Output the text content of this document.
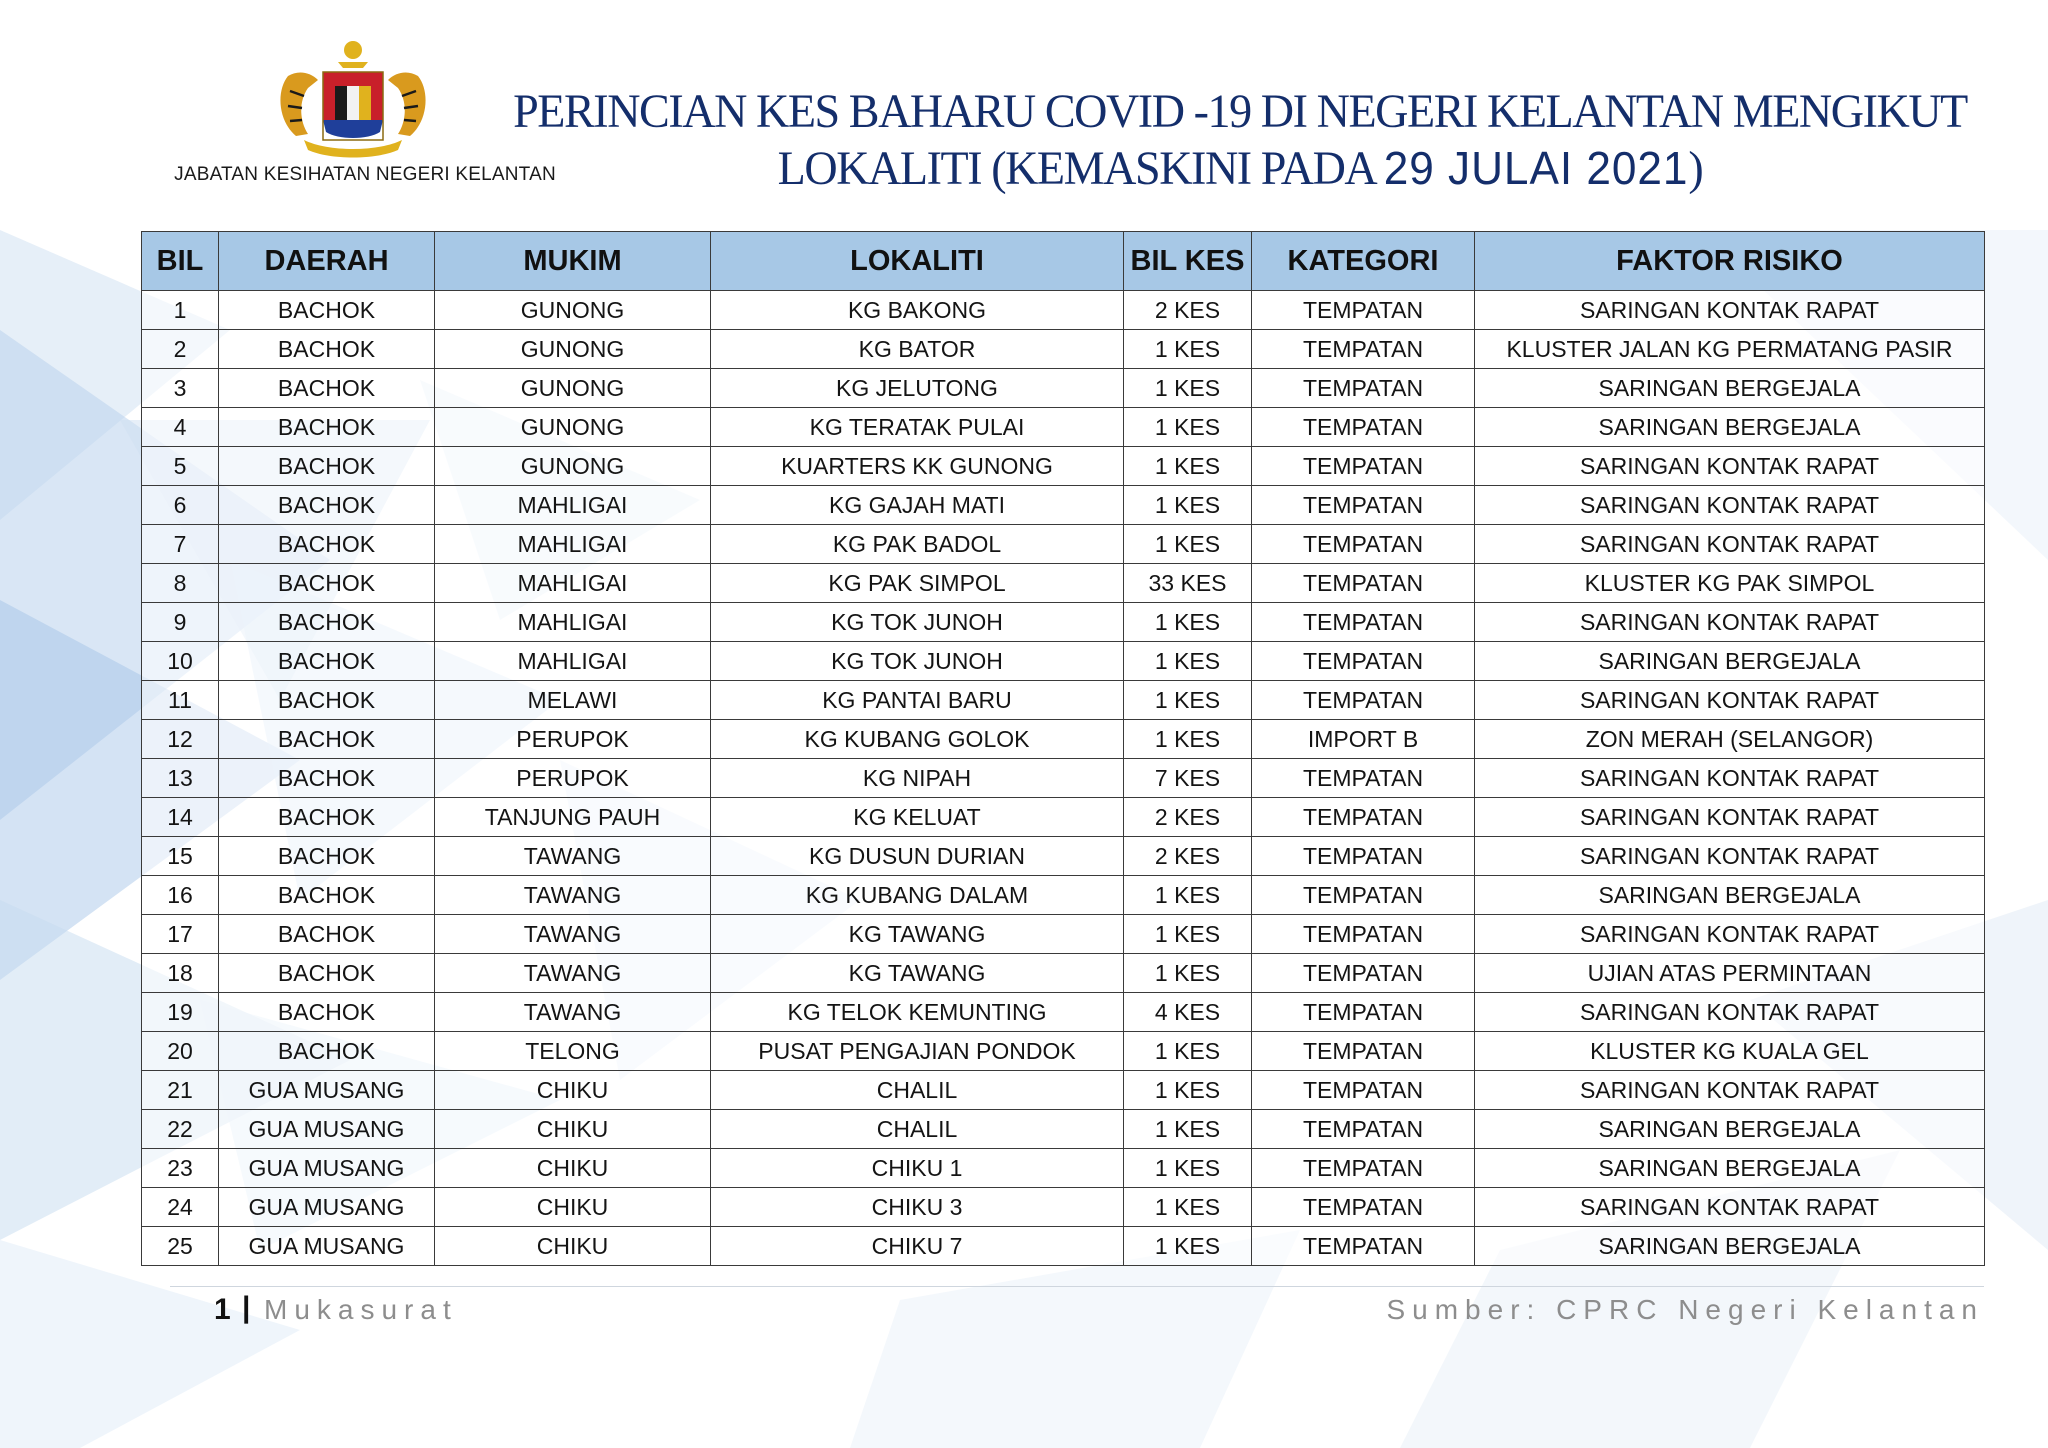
JABATAN KESIHATAN NEGERI KELANTAN
PERINCIAN KES BAHARU COVID -19 DI NEGERI KELANTAN MENGIKUT
LOKALITI (KEMASKINI PADA 29 JULAI 2021)
BIL	DAERAH	MUKIM	LOKALITI	BIL KES	KATEGORI	FAKTOR RISIKO
1	BACHOK	GUNONG	KG BAKONG	2 KES	TEMPATAN	SARINGAN KONTAK RAPAT
2	BACHOK	GUNONG	KG BATOR	1 KES	TEMPATAN	KLUSTER JALAN KG PERMATANG PASIR
3	BACHOK	GUNONG	KG JELUTONG	1 KES	TEMPATAN	SARINGAN BERGEJALA
4	BACHOK	GUNONG	KG TERATAK PULAI	1 KES	TEMPATAN	SARINGAN BERGEJALA
5	BACHOK	GUNONG	KUARTERS KK GUNONG	1 KES	TEMPATAN	SARINGAN KONTAK RAPAT
6	BACHOK	MAHLIGAI	KG GAJAH MATI	1 KES	TEMPATAN	SARINGAN KONTAK RAPAT
7	BACHOK	MAHLIGAI	KG PAK BADOL	1 KES	TEMPATAN	SARINGAN KONTAK RAPAT
8	BACHOK	MAHLIGAI	KG PAK SIMPOL	33 KES	TEMPATAN	KLUSTER KG PAK SIMPOL
9	BACHOK	MAHLIGAI	KG TOK JUNOH	1 KES	TEMPATAN	SARINGAN KONTAK RAPAT
10	BACHOK	MAHLIGAI	KG TOK JUNOH	1 KES	TEMPATAN	SARINGAN BERGEJALA
11	BACHOK	MELAWI	KG PANTAI BARU	1 KES	TEMPATAN	SARINGAN KONTAK RAPAT
12	BACHOK	PERUPOK	KG KUBANG GOLOK	1 KES	IMPORT B	ZON MERAH (SELANGOR)
13	BACHOK	PERUPOK	KG NIPAH	7 KES	TEMPATAN	SARINGAN KONTAK RAPAT
14	BACHOK	TANJUNG PAUH	KG KELUAT	2 KES	TEMPATAN	SARINGAN KONTAK RAPAT
15	BACHOK	TAWANG	KG DUSUN DURIAN	2 KES	TEMPATAN	SARINGAN KONTAK RAPAT
16	BACHOK	TAWANG	KG KUBANG DALAM	1 KES	TEMPATAN	SARINGAN BERGEJALA
17	BACHOK	TAWANG	KG TAWANG	1 KES	TEMPATAN	SARINGAN KONTAK RAPAT
18	BACHOK	TAWANG	KG TAWANG	1 KES	TEMPATAN	UJIAN ATAS PERMINTAAN
19	BACHOK	TAWANG	KG TELOK KEMUNTING	4 KES	TEMPATAN	SARINGAN KONTAK RAPAT
20	BACHOK	TELONG	PUSAT PENGAJIAN PONDOK	1 KES	TEMPATAN	KLUSTER KG KUALA GEL
21	GUA MUSANG	CHIKU	CHALIL	1 KES	TEMPATAN	SARINGAN KONTAK RAPAT
22	GUA MUSANG	CHIKU	CHALIL	1 KES	TEMPATAN	SARINGAN BERGEJALA
23	GUA MUSANG	CHIKU	CHIKU 1	1 KES	TEMPATAN	SARINGAN BERGEJALA
24	GUA MUSANG	CHIKU	CHIKU 3	1 KES	TEMPATAN	SARINGAN KONTAK RAPAT
25	GUA MUSANG	CHIKU	CHIKU 7	1 KES	TEMPATAN	SARINGAN BERGEJALA
1 | Mukasurat	Sumber: CPRC Negeri Kelantan
